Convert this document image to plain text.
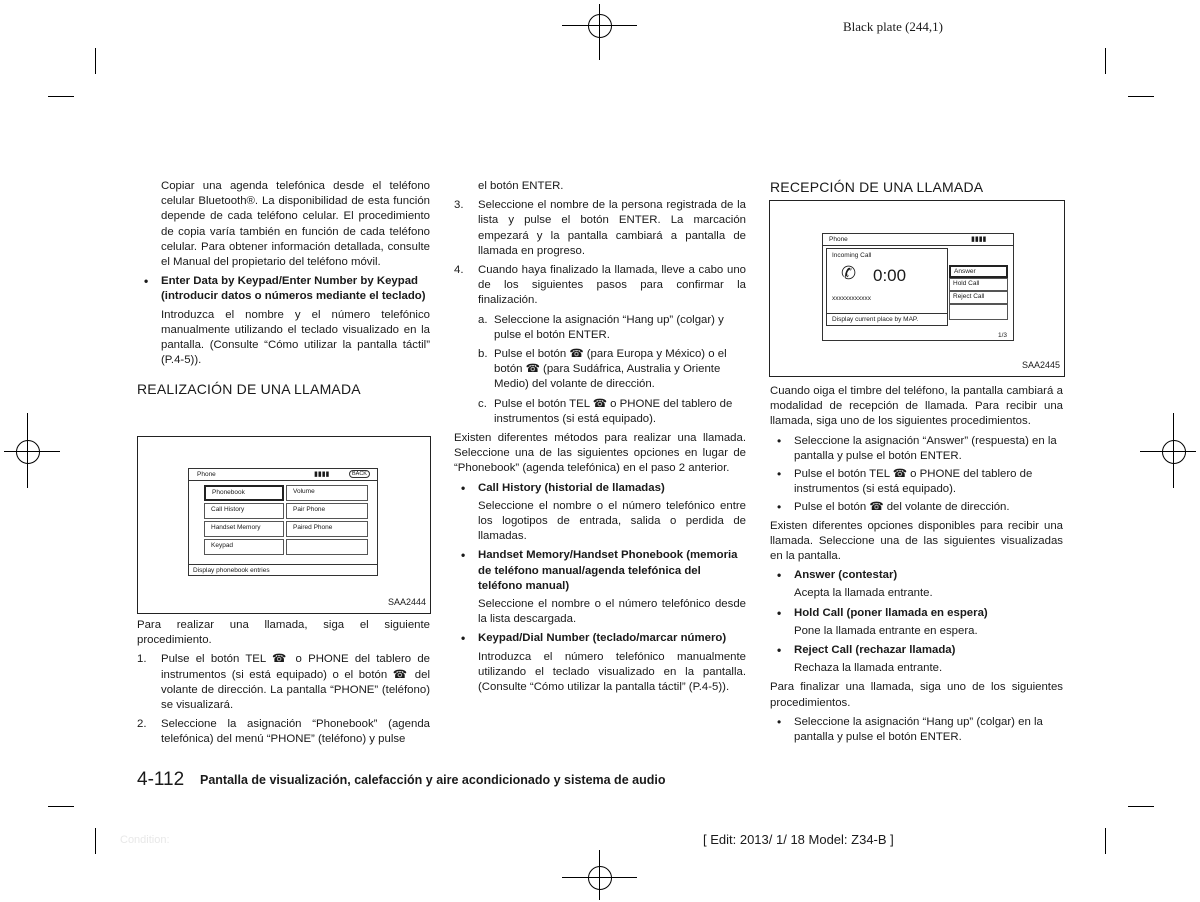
Black plate (244,1)

Copiar una agenda telefónica desde el teléfono celular Bluetooth®. La disponibilidad de esta función depende de cada teléfono celular. El procedimiento de copia varía también en función de cada teléfono celular. Para obtener información detallada, consulte el Manual del propietario del teléfono móvil.

• Enter Data by Keypad/Enter Number by Keypad (introducir datos o números mediante el teclado)

Introduzca el nombre y el número telefónico manualmente utilizando el teclado visualizado en la pantalla. (Consulte “Cómo utilizar la pantalla táctil” (P.4-5)).

REALIZACIÓN DE UNA LLAMADA
Phone	▮▮▮▮	BACK
Phonebook	Volume
Call History	Pair Phone
Handset Memory	Paired Phone
Keypad
Display phonebook entries
SAA2444

Para realizar una llamada, siga el siguiente procedimiento.

1. Pulse el botón TEL ☎ o PHONE del tablero de instrumentos (si está equipado) o el botón ☎ del volante de dirección. La pantalla “PHONE” (teléfono) se visualizará.
2. Seleccione la asignación “Phonebook” (agenda telefónica) del menú “PHONE” (teléfono) y pulse

el botón ENTER.

3. Seleccione el nombre de la persona registrada de la lista y pulse el botón ENTER. La marcación empezará y la pantalla cambiará a pantalla de llamada en progreso.
4. Cuando haya finalizado la llamada, lleve a cabo uno de los siguientes pasos para confirmar la finalización.
a. Seleccione la asignación “Hang up” (colgar) y pulse el botón ENTER.
b. Pulse el botón ☎ (para Europa y México) o el botón ☎ (para Sudáfrica, Australia y Oriente Medio) del volante de dirección.
c. Pulse el botón TEL ☎ o PHONE del tablero de instrumentos (si está equipado).

Existen diferentes métodos para realizar una llamada. Seleccione una de las siguientes opciones en lugar de “Phonebook” (agenda telefónica) en el paso 2 anterior.

• Call History (historial de llamadas)

Seleccione el nombre o el número telefónico entre los logotipos de entrada, salida o perdida de llamadas.

• Handset Memory/Handset Phonebook (memoria de teléfono manual/agenda telefónica del teléfono manual)

Seleccione el nombre o el número telefónico desde la lista descargada.

• Keypad/Dial Number (teclado/marcar número)

Introduzca el número telefónico manualmente utilizando el teclado visualizado en la pantalla. (Consulte “Cómo utilizar la pantalla táctil” (P.4-5)).

RECEPCIÓN DE UNA LLAMADA
Phone	▮▮▮▮
Incoming Call
✆ 0:00
xxxxxxxxxxxx
Display current place by MAP.
Answer
Hold Call
Reject Call
1/3
SAA2445

Cuando oiga el timbre del teléfono, la pantalla cambiará a modalidad de recepción de llamada. Para recibir una llamada, siga uno de los siguientes procedimientos.

• Seleccione la asignación “Answer” (respuesta) en la pantalla y pulse el botón ENTER.
• Pulse el botón TEL ☎ o PHONE del tablero de instrumentos (si está equipado).
• Pulse el botón ☎ del volante de dirección.

Existen diferentes opciones disponibles para recibir una llamada. Seleccione una de las siguientes visualizadas en la pantalla.

• Answer (contestar)

Acepta la llamada entrante.

• Hold Call (poner llamada en espera)

Pone la llamada entrante en espera.

• Reject Call (rechazar llamada)

Rechaza la llamada entrante.

Para finalizar una llamada, siga uno de los siguientes procedimientos.

• Seleccione la asignación “Hang up” (colgar) en la pantalla y pulse el botón ENTER.
4-112 Pantalla de visualización, calefacción y aire acondicionado y sistema de audio
Condition:	[ Edit: 2013/ 1/ 18 Model: Z34-B ]
